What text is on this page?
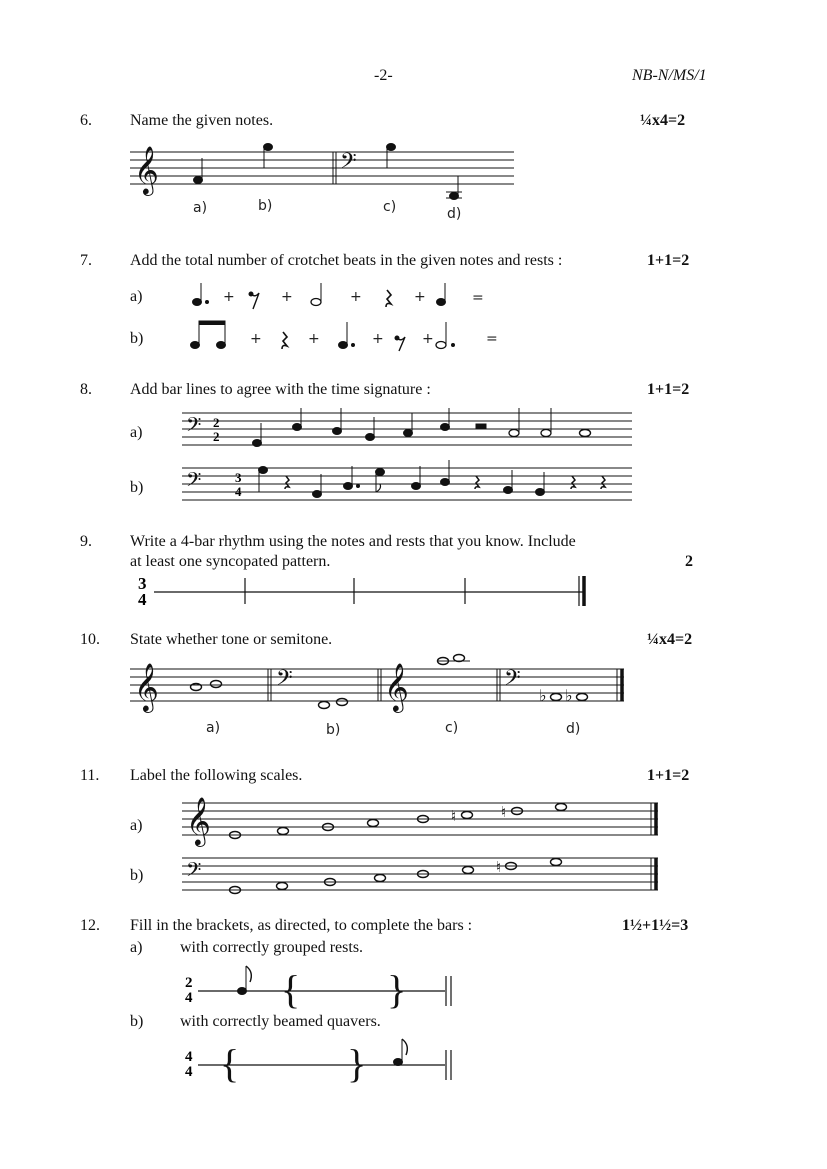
-2-	NB-N/MS/1
6. Name the given notes.	¼x4=2
𝄞	𝄢
a)	b)	c)	d)
7. Add the total number of crotchet beats in the given notes and rests :	1+1=2
a)	+	+	+	+	=
b)	+	+	+	+	=
8. Add bar lines to agree with the time signature :	1+1=2
a) 𝄢 2
2
b) 𝄢	3
4
9. Write a 4-bar rhythm using the notes and rests that you know. Include
at least one syncopated pattern.	2
3
4
10. State whether tone or semitone.	¼x4=2
𝄞	𝄢 𝄞	𝄢
♭ ♭
a)	b)	c)	d)
11. Label the following scales.	1+1=2
a) 𝄞	♮	♮
b) 𝄢	♮
12. Fill in the brackets, as directed, to complete the bars :	1½+1½=3
a) with correctly grouped rests.
2
4 { }
b) with correctly beamed quavers.
4
4 {	}
